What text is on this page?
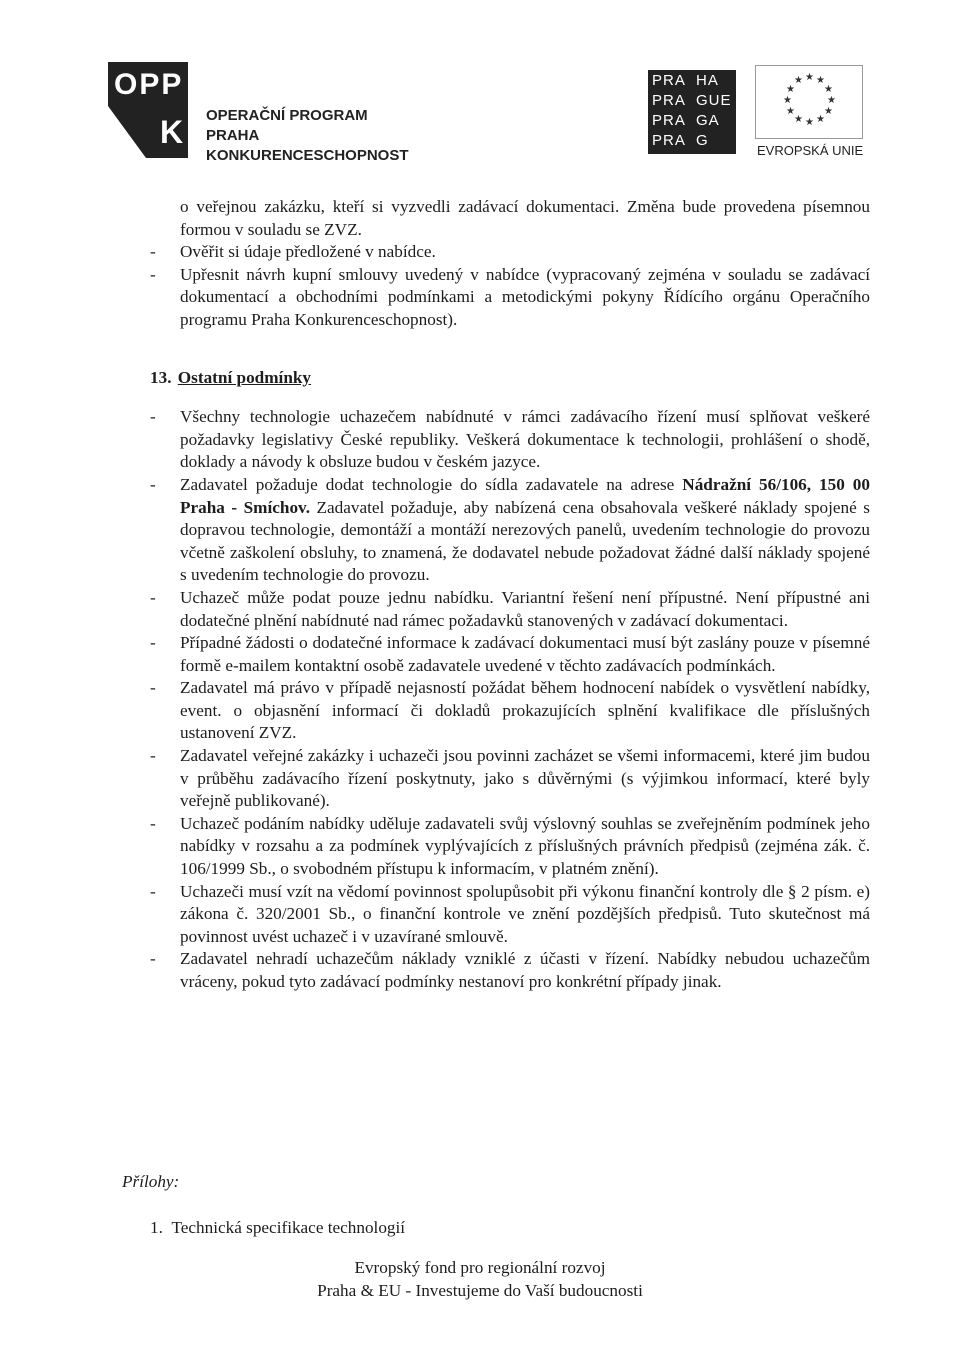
OPP
K OPERAČNÍ PROGRAM PRAHA
KONKURENCESCHOPNOST
PRA
PRA
PRA
PRA
HA
GUE
GA
G
★ ★
★
★
★
★
★
★
★
★
★ ★
EVROPSKÁ UNIE
o veřejnou zakázku, kteří si vyzvedli zadávací dokumentaci. Změna bude provedena písemnou formou v souladu se ZVZ.
- Ověřit si údaje předložené v nabídce.
- Upřesnit návrh kupní smlouvy uvedený v nabídce (vypracovaný zejména v souladu se zadávací dokumentací a obchodními podmínkami a metodickými pokyny Řídícího orgánu Operačního programu Praha Konkurenceschopnost).
13. Ostatní podmínky
- Všechny technologie uchazečem nabídnuté v rámci zadávacího řízení musí splňovat veškeré požadavky legislativy České republiky. Veškerá dokumentace k technologii, prohlášení o shodě, doklady a návody k obsluze budou v českém jazyce.
- Zadavatel požaduje dodat technologie do sídla zadavatele na adrese Nádražní 56/106, 150 00 Praha - Smíchov. Zadavatel požaduje, aby nabízená cena obsahovala veškeré náklady spojené s dopravou technologie, demontáží a montáží nerezových panelů, uvedením technologie do provozu včetně zaškolení obsluhy, to znamená, že dodavatel nebude požadovat žádné další náklady spojené s uvedením technologie do provozu.
- Uchazeč může podat pouze jednu nabídku. Variantní řešení není přípustné. Není přípustné ani dodatečné plnění nabídnuté nad rámec požadavků stanovených v zadávací dokumentaci.
- Případné žádosti o dodatečné informace k zadávací dokumentaci musí být zaslány pouze v písemné formě e-mailem kontaktní osobě zadavatele uvedené v těchto zadávacích podmínkách.
- Zadavatel má právo v případě nejasností požádat během hodnocení nabídek o vysvětlení nabídky, event. o objasnění informací či dokladů prokazujících splnění kvalifikace dle příslušných ustanovení ZVZ.
- Zadavatel veřejné zakázky i uchazeči jsou povinni zacházet se všemi informacemi, které jim budou v průběhu zadávacího řízení poskytnuty, jako s důvěrnými (s výjimkou informací, které byly veřejně publikované).
- Uchazeč podáním nabídky uděluje zadavateli svůj výslovný souhlas se zveřejněním podmínek jeho nabídky v rozsahu a za podmínek vyplývajících z příslušných právních předpisů (zejména zák. č. 106/1999 Sb., o svobodném přístupu k informacím, v platném znění).
- Uchazeči musí vzít na vědomí povinnost spolupůsobit při výkonu finanční kontroly dle § 2 písm. e) zákona č. 320/2001 Sb., o finanční kontrole ve znění pozdějších předpisů. Tuto skutečnost má povinnost uvést uchazeč i v uzavírané smlouvě.
- Zadavatel nehradí uchazečům náklady vzniklé z účasti v řízení. Nabídky nebudou uchazečům vráceny, pokud tyto zadávací podmínky nestanoví pro konkrétní případy jinak.
Přílohy:
1. Technická specifikace technologií
Evropský fond pro regionální rozvoj
Praha & EU - Investujeme do Vaší budoucnosti
